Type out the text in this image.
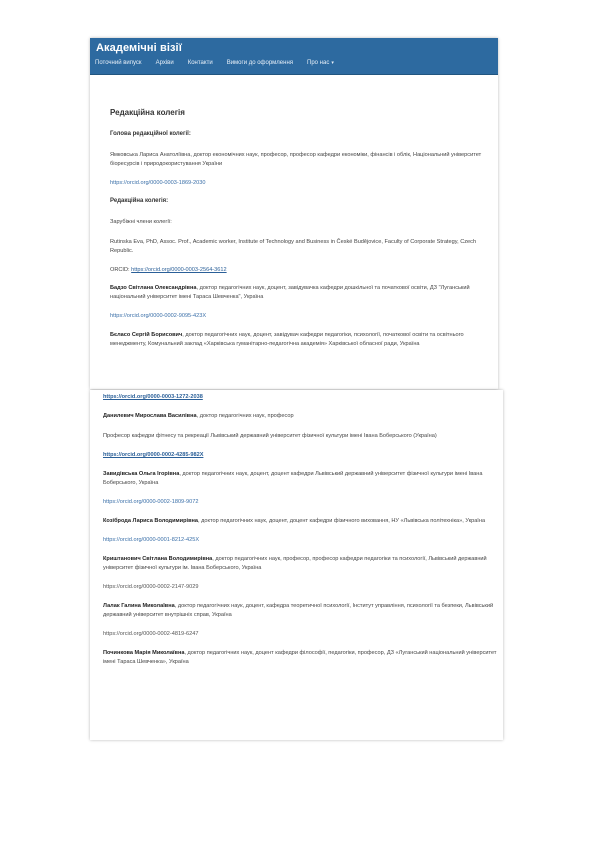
Академічні візії
Поточний випуск Архіви Контакти Вимоги до оформлення Про нас ▾
Редакційна колегія
Голова редакційної колегії:
Ямковська Лариса Анатоліївна, доктор економічних наук, професор, професор кафедри економіки, фінансів і облік, Національний університет біоресурсів і природокористування України
https://orcid.org/0000-0003-1869-2030
Редакційна колегія:
Зарубіжні члени колегії:
Rutinska Eva, PhD, Assoc. Prof., Academic worker, Institute of Technology and Business in České Budějovice, Faculty of Corporate Strategy, Czech Republic.
ORCID: https://orcid.org/0000-0003-2564-3612
Бадзо Світлана Олександрівна, доктор педагогічних наук, доцент, завідувачка кафедри дошкільної та початкової освіти, ДЗ "Луганський національний університет імені Тараса Шевченка", Україна
https://orcid.org/0000-0002-9095-423X
Бєласо Сергій Борисович, доктор педагогічних наук, доцент, завідувач кафедри педагогіки, психології, початкової освіти та освітнього менеджменту, Комунальний заклад «Харківська гуманітарно-педагогічна академія» Харківської обласної ради, Україна
https://orcid.org/0000-0003-1272-2038
Данилевич Мирослава Василівна, доктор педагогічних наук, професор
Професор кафедри фітнесу та рекреації Львівський державний університет фізичної культури імені Івана Боберського (Україна)
https://orcid.org/0000-0002-4285-982X
Завидівська Ольга Ігорівна, доктор педагогічних наук, доцент, доцент кафедри Львівський державний університет фізичної культури імені Івана Боберського, Україна
https://orcid.org/0000-0002-1809-9072
Козіброда Лариса Володимирівна, доктор педагогічних наук, доцент, доцент кафедри фізичного виховання, НУ «Львівська політехніка», Україна
https://orcid.org/0000-0001-8212-425X
Криштанович Світлана Володимирівна, доктор педагогічних наук, професор, професор кафедри педагогіки та психології, Львівський державний університет фізичної культури ім. Івана Боберського, Україна
https://orcid.org/0000-0002-2147-9029
Лалак Галина Миколаївна, доктор педагогічних наук, доцент, кафедра теоретичної психології, Інститут управління, психології та безпеки, Львівський державний університет внутрішніх справ, Україна
https://orcid.org/0000-0002-4819-6247
Починкова Марія Миколаївна, доктор педагогічних наук, доцент кафедри філософії, педагогіки, професор, ДЗ «Луганський національний університет імені Тараса Шевченка», Україна
